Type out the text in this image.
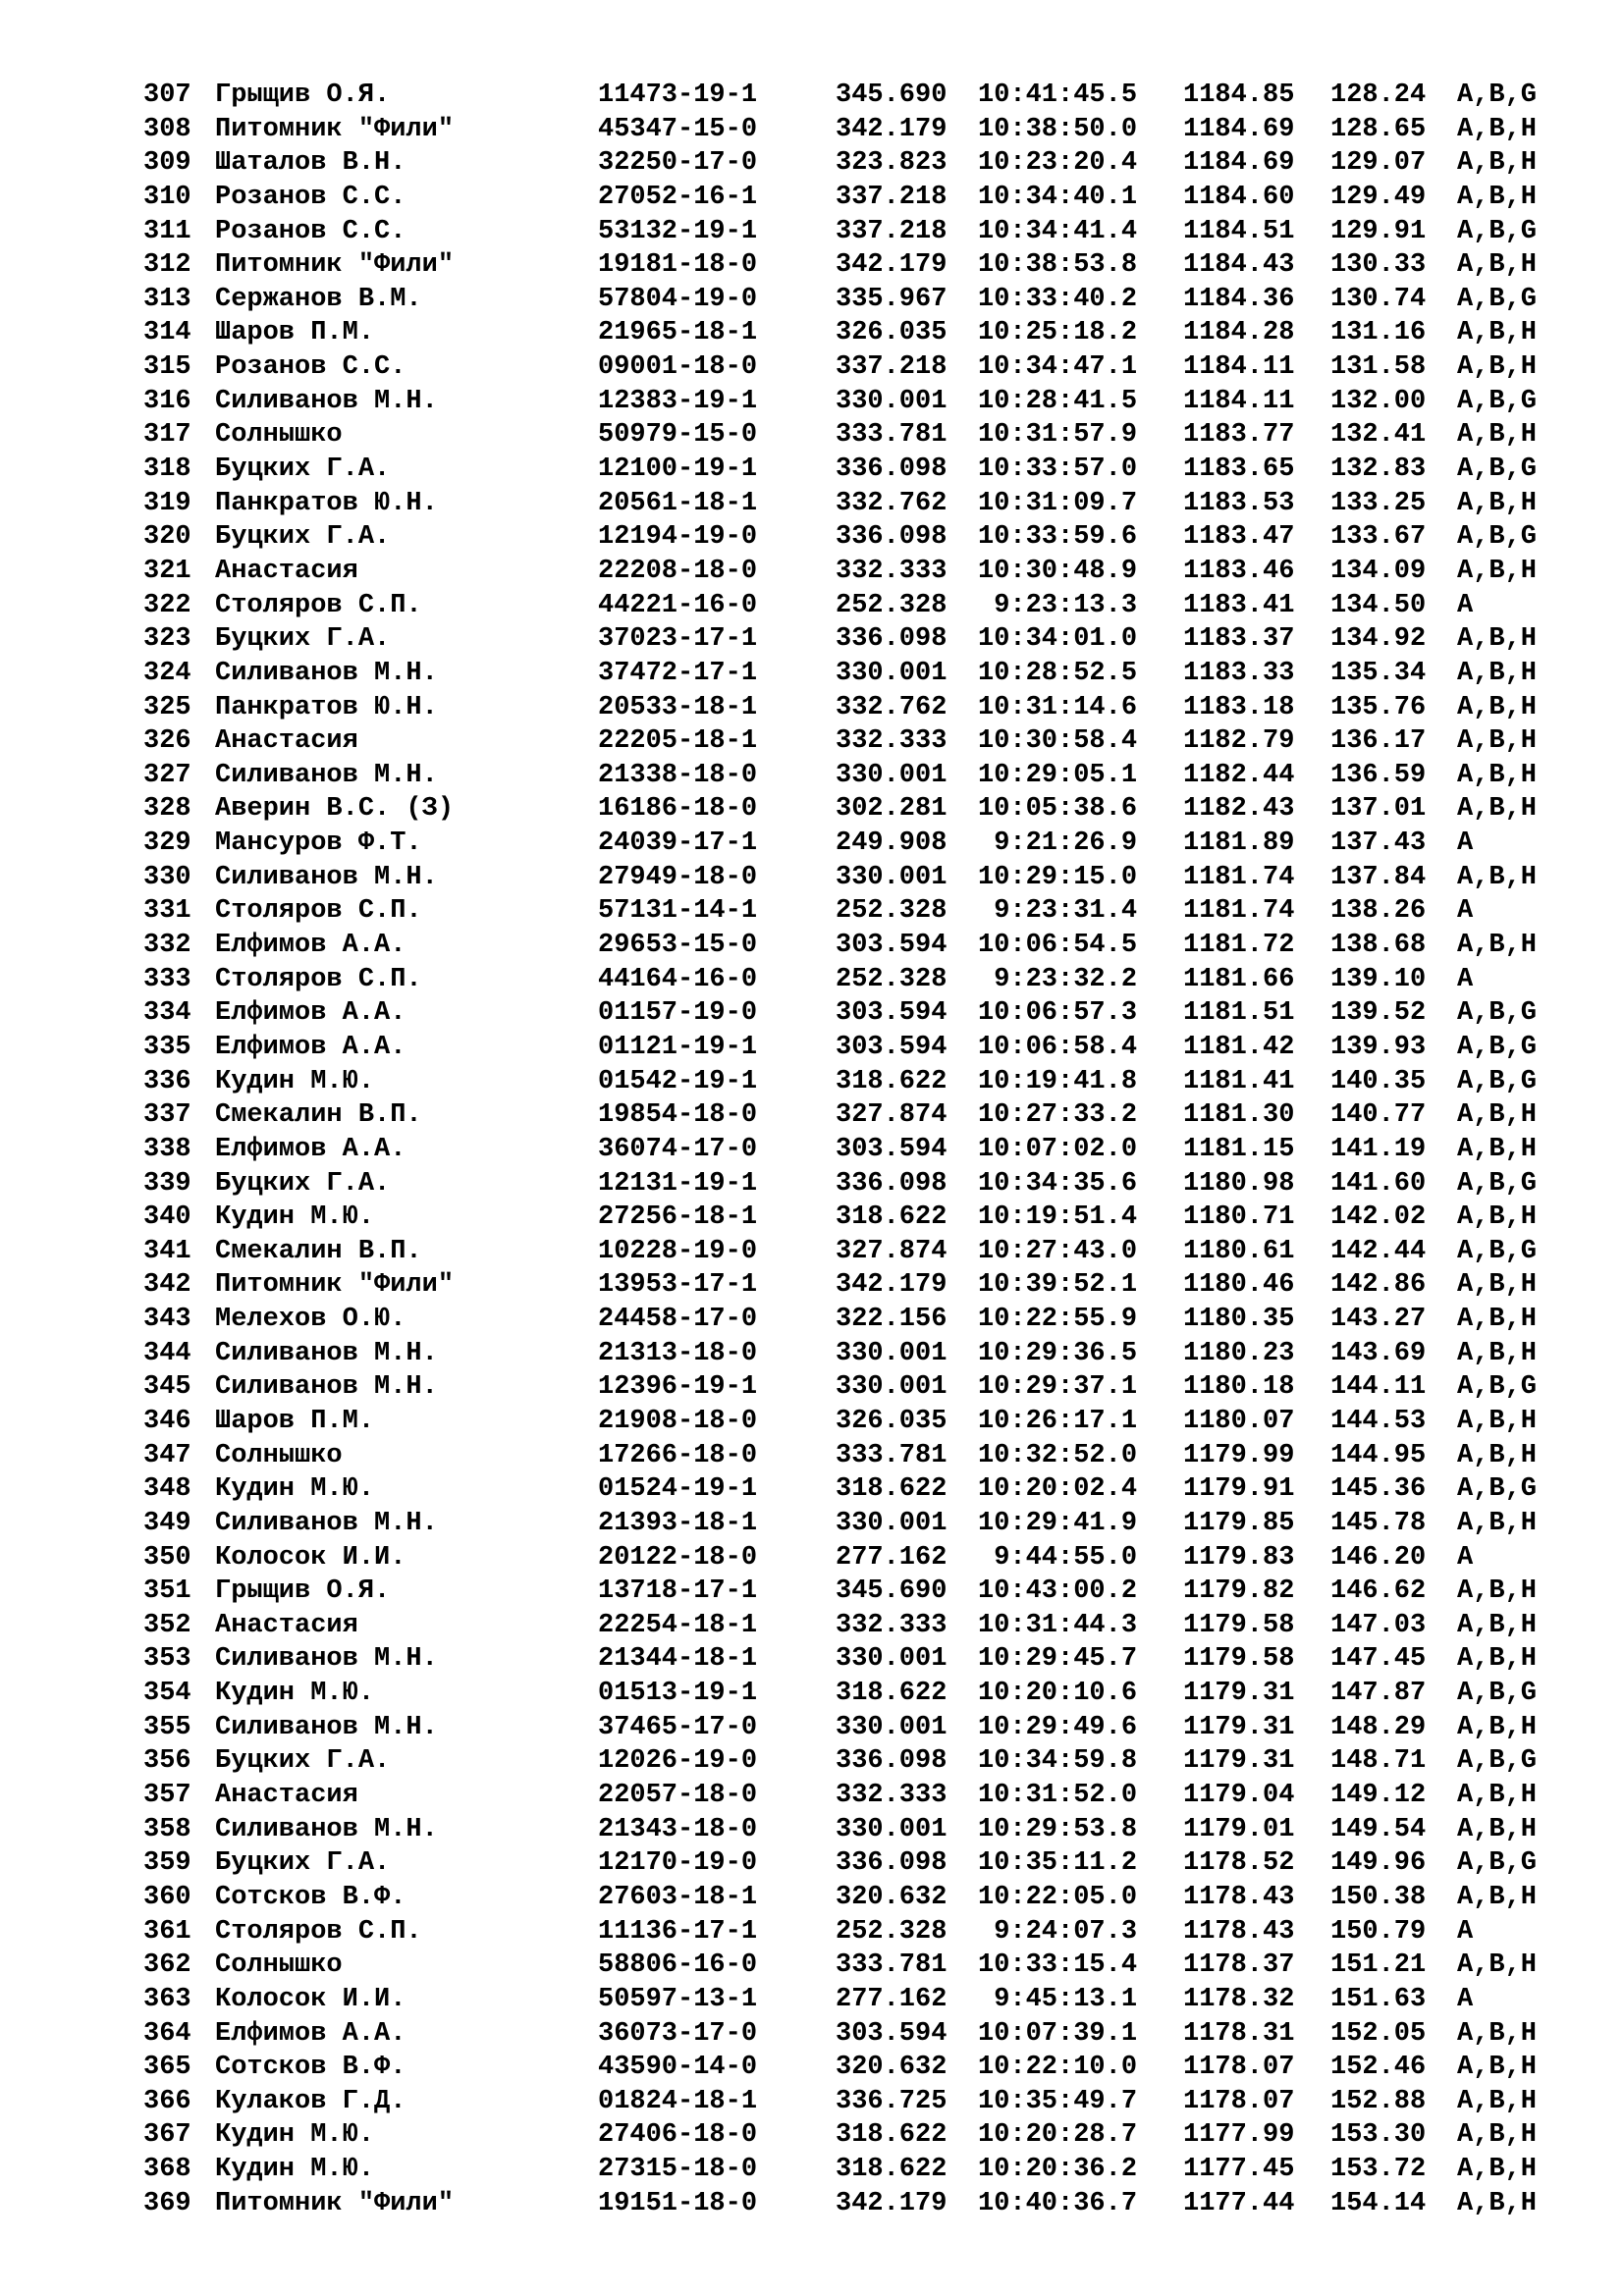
307 Грыщив О.Я.	11473-19-1	345.690 10:41:45.5 1184.85 128.24 A,B,G
308 Питомник "Фили"	45347-15-0	342.179 10:38:50.0 1184.69 128.65 A,B,H
309 Шаталов В.Н.	32250-17-0	323.823 10:23:20.4 1184.69 129.07 A,B,H
310 Розанов С.С.	27052-16-1	337.218 10:34:40.1 1184.60 129.49 A,B,H
311 Розанов С.С.	53132-19-1	337.218 10:34:41.4 1184.51 129.91 A,B,G
312 Питомник "Фили"	19181-18-0	342.179 10:38:53.8 1184.43 130.33 A,B,H
313 Сержанов В.М.	57804-19-0	335.967 10:33:40.2 1184.36 130.74 A,B,G
314 Шаров П.М.	21965-18-1	326.035 10:25:18.2 1184.28 131.16 A,B,H
315 Розанов С.С.	09001-18-0	337.218 10:34:47.1 1184.11 131.58 A,B,H
316 Силиванов М.Н.	12383-19-1	330.001 10:28:41.5 1184.11 132.00 A,B,G
317 Солнышко	50979-15-0	333.781 10:31:57.9 1183.77 132.41 A,B,H
318 Буцких Г.А.	12100-19-1	336.098 10:33:57.0 1183.65 132.83 A,B,G
319 Панкратов Ю.Н.	20561-18-1	332.762 10:31:09.7 1183.53 133.25 A,B,H
320 Буцких Г.А.	12194-19-0	336.098 10:33:59.6 1183.47 133.67 A,B,G
321 Анастасия	22208-18-0	332.333 10:30:48.9 1183.46 134.09 A,B,H
322 Столяров С.П.	44221-16-0	252.328 9:23:13.3 1183.41 134.50 A
323 Буцких Г.А.	37023-17-1	336.098 10:34:01.0 1183.37 134.92 A,B,H
324 Силиванов М.Н.	37472-17-1	330.001 10:28:52.5 1183.33 135.34 A,B,H
325 Панкратов Ю.Н.	20533-18-1	332.762 10:31:14.6 1183.18 135.76 A,B,H
326 Анастасия	22205-18-1	332.333 10:30:58.4 1182.79 136.17 A,B,H
327 Силиванов М.Н.	21338-18-0	330.001 10:29:05.1 1182.44 136.59 A,B,H
328 Аверин В.С. (З)	16186-18-0	302.281 10:05:38.6 1182.43 137.01 A,B,H
329 Мансуров Ф.Т.	24039-17-1	249.908 9:21:26.9 1181.89 137.43 A
330 Силиванов М.Н.	27949-18-0	330.001 10:29:15.0 1181.74 137.84 A,B,H
331 Столяров С.П.	57131-14-1	252.328 9:23:31.4 1181.74 138.26 A
332 Елфимов А.А.	29653-15-0	303.594 10:06:54.5 1181.72 138.68 A,B,H
333 Столяров С.П.	44164-16-0	252.328 9:23:32.2 1181.66 139.10 A
334 Елфимов А.А.	01157-19-0	303.594 10:06:57.3 1181.51 139.52 A,B,G
335 Елфимов А.А.	01121-19-1	303.594 10:06:58.4 1181.42 139.93 A,B,G
336 Кудин М.Ю.	01542-19-1	318.622 10:19:41.8 1181.41 140.35 A,B,G
337 Смекалин В.П.	19854-18-0	327.874 10:27:33.2 1181.30 140.77 A,B,H
338 Елфимов А.А.	36074-17-0	303.594 10:07:02.0 1181.15 141.19 A,B,H
339 Буцких Г.А.	12131-19-1	336.098 10:34:35.6 1180.98 141.60 A,B,G
340 Кудин М.Ю.	27256-18-1	318.622 10:19:51.4 1180.71 142.02 A,B,H
341 Смекалин В.П.	10228-19-0	327.874 10:27:43.0 1180.61 142.44 A,B,G
342 Питомник "Фили"	13953-17-1	342.179 10:39:52.1 1180.46 142.86 A,B,H
343 Мелехов О.Ю.	24458-17-0	322.156 10:22:55.9 1180.35 143.27 A,B,H
344 Силиванов М.Н.	21313-18-0	330.001 10:29:36.5 1180.23 143.69 A,B,H
345 Силиванов М.Н.	12396-19-1	330.001 10:29:37.1 1180.18 144.11 A,B,G
346 Шаров П.М.	21908-18-0	326.035 10:26:17.1 1180.07 144.53 A,B,H
347 Солнышко	17266-18-0	333.781 10:32:52.0 1179.99 144.95 A,B,H
348 Кудин М.Ю.	01524-19-1	318.622 10:20:02.4 1179.91 145.36 A,B,G
349 Силиванов М.Н.	21393-18-1	330.001 10:29:41.9 1179.85 145.78 A,B,H
350 Колосок И.И.	20122-18-0	277.162 9:44:55.0 1179.83 146.20 A
351 Грыщив О.Я.	13718-17-1	345.690 10:43:00.2 1179.82 146.62 A,B,H
352 Анастасия	22254-18-1	332.333 10:31:44.3 1179.58 147.03 A,B,H
353 Силиванов М.Н.	21344-18-1	330.001 10:29:45.7 1179.58 147.45 A,B,H
354 Кудин М.Ю.	01513-19-1	318.622 10:20:10.6 1179.31 147.87 A,B,G
355 Силиванов М.Н.	37465-17-0	330.001 10:29:49.6 1179.31 148.29 A,B,H
356 Буцких Г.А.	12026-19-0	336.098 10:34:59.8 1179.31 148.71 A,B,G
357 Анастасия	22057-18-0	332.333 10:31:52.0 1179.04 149.12 A,B,H
358 Силиванов М.Н.	21343-18-0	330.001 10:29:53.8 1179.01 149.54 A,B,H
359 Буцких Г.А.	12170-19-0	336.098 10:35:11.2 1178.52 149.96 A,B,G
360 Сотсков В.Ф.	27603-18-1	320.632 10:22:05.0 1178.43 150.38 A,B,H
361 Столяров С.П.	11136-17-1	252.328 9:24:07.3 1178.43 150.79 A
362 Солнышко	58806-16-0	333.781 10:33:15.4 1178.37 151.21 A,B,H
363 Колосок И.И.	50597-13-1	277.162 9:45:13.1 1178.32 151.63 A
364 Елфимов А.А.	36073-17-0	303.594 10:07:39.1 1178.31 152.05 A,B,H
365 Сотсков В.Ф.	43590-14-0	320.632 10:22:10.0 1178.07 152.46 A,B,H
366 Кулаков Г.Д.	01824-18-1	336.725 10:35:49.7 1178.07 152.88 A,B,H
367 Кудин М.Ю.	27406-18-0	318.622 10:20:28.7 1177.99 153.30 A,B,H
368 Кудин М.Ю.	27315-18-0	318.622 10:20:36.2 1177.45 153.72 A,B,H
369 Питомник "Фили"	19151-18-0	342.179 10:40:36.7 1177.44 154.14 A,B,H
